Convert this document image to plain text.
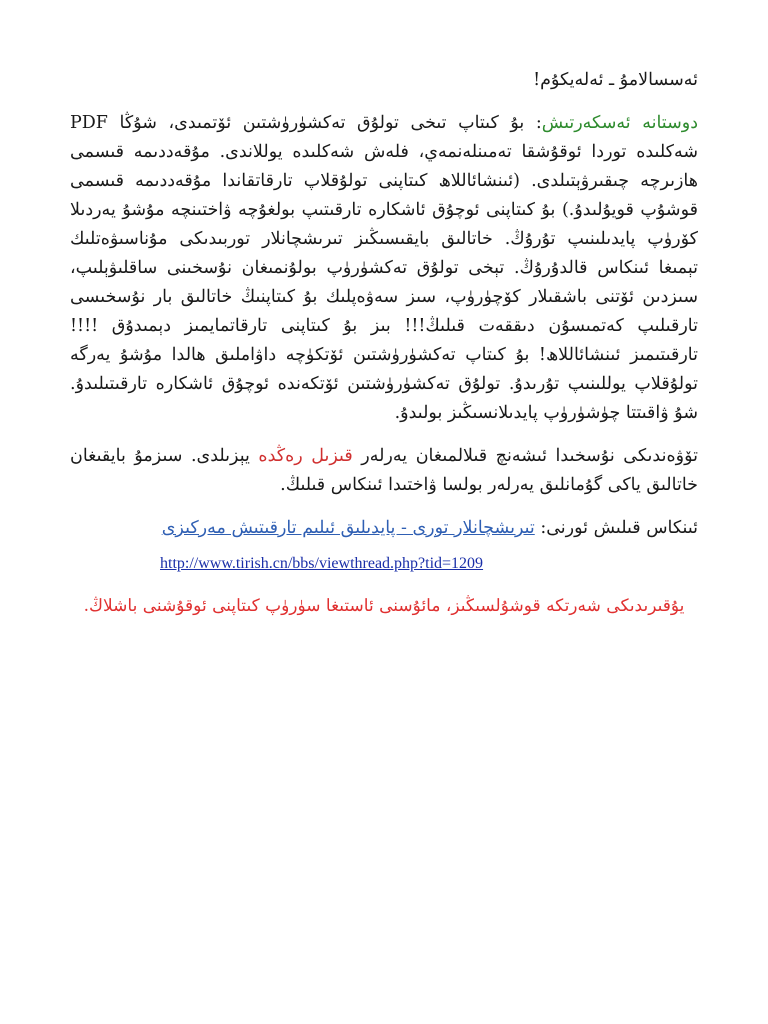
ئەسسالامۇ ـ ئەلەيكۇم!

دوستانە ئەسكەرتىش: بۇ كىتاپ تىخى تولۇق تەكشۈرۈشتىن ئۆتمىدى، شۇڭا PDF شەكلىدە توردا ئوقۇشقا تەمىنلەنمەي، فلەش شەكلىدە يوللاندى. مۇقەددىمە قىسمى ھازىرچە چىقىرۋېتىلدى. (ئىنشائاللاھ كىتاپنى تولۇقلاپ تارقاتقاندا مۇقەددىمە قىسمى قوشۇپ قويۇلىدۇ.) بۇ كىتاپنى ئوچۇق ئاشكارە تارقىتىپ بولغۇچە ۋاختىنچە مۇشۇ يەردىلا كۆرۈپ پايدىلىنىپ تۇرۇڭ. خاتالىق بايقىسىڭىز تىرىشچانلار توربىدىكى مۇناسىۋەتلىك تېمىغا ئىنكاس قالدۇرۇڭ. تېخى تولۇق تەكشۈرۈپ بولۇنمىغان نۇسخىنى ساقلىۋېلىپ، سىزدىن ئۆتنى باشقىلار كۆچۈرۈپ، سىز سەۋەپلىك بۇ كىتاپنىڭ خاتالىق بار نۇسخىسى تارقىلىپ كەتمىسۇن دىققەت قىلىڭ!!! بىز بۇ كىتاپنى تارقاتمايمىز دېمىدۇق !!!! تارقىتىمىز ئىنشائاللاھ! بۇ كىتاپ تەكشۈرۈشتىن ئۆتكۈچە داۋاملىق ھالدا مۇشۇ يەرگە تولۇقلاپ يوللىنىپ تۇرىدۇ. تولۇق تەكشۈرۈشتىن ئۆتكەندە ئوچۇق ئاشكارە تارقىتىلىدۇ. شۇ ۋاقىتتا چۈشۈرۈپ پايدىلانسىڭىز بولىدۇ.

تۆۋەندىكى نۇسخىدا ئىشەنچ قىلالمىغان يەرلەر قىزىل رەڭدە يېزىلدى. سىزمۇ بايقىغان خاتالىق ياكى گۇمانلىق يەرلەر بولسا ۋاختىدا ئىنكاس قىلىڭ.

ئىنكاس قىلىش ئورنى: تىرىشچانلار تورى - پايدىلىق ئىلىم تارقىتىش مەركىزى

http://www.tirish.cn/bbs/viewthread.php?tid=1209

يۇقىرىدىكى شەرتكە قوشۇلسىڭىز، مائۇسنى ئاستىغا سۈرۈپ كىتاپنى ئوقۇشنى باشلاڭ.
